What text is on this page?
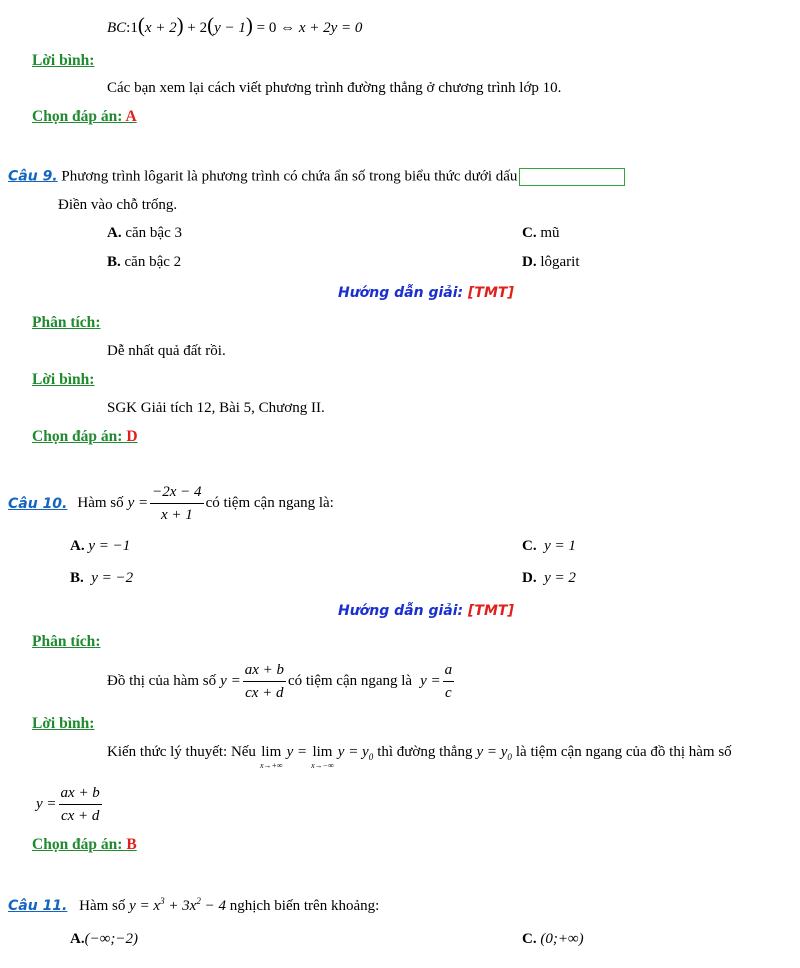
BC:1(x + 2) + 2(y − 1) = 0 ⇔ x + 2y = 0
Lời bình:
Các bạn xem lại cách viết phương trình đường thẳng ở chương trình lớp 10.
Chọn đáp án: A
Câu 9. Phương trình lôgarit là phương trình có chứa ẩn số trong biểu thức dưới dấu
Điền vào chỗ trống.
A. căn bậc 3	C. mũ
B. căn bậc 2	D. lôgarit
Hướng dẫn giải: [TMT]
Phân tích:
Dễ nhất quả đất rồi.
Lời bình:
SGK Giải tích 12, Bài 5, Chương II.
Chọn đáp án: D
Câu 10. Hàm số $y = \frac{-2x - 4}{x + 1}$ có tiệm cận ngang là:
A. y = −1	C. y = 1
B. y = −2	D. y = 2
Hướng dẫn giải: [TMT]
Phân tích:
Đồ thị của hàm số $y = \frac{ax + b}{cx + d}$ có tiệm cận ngang là $y = \frac{a}{c}$
Lời bình:
Kiến thức lý thuyết: Nếu lim
x→+∞
y = lim
x→−∞
$y = y_0$ thì đường thẳng $y = y_0$ là tiệm cận ngang của đồ thị hàm số
$y = \frac{ax + b}{cx + d}$
Chọn đáp án: B
Câu 11. Hàm số $y = x^3 + 3x^2 - 4$ nghịch biến trên khoảng:
A.(−∞;−2)	C. (0;+∞)
